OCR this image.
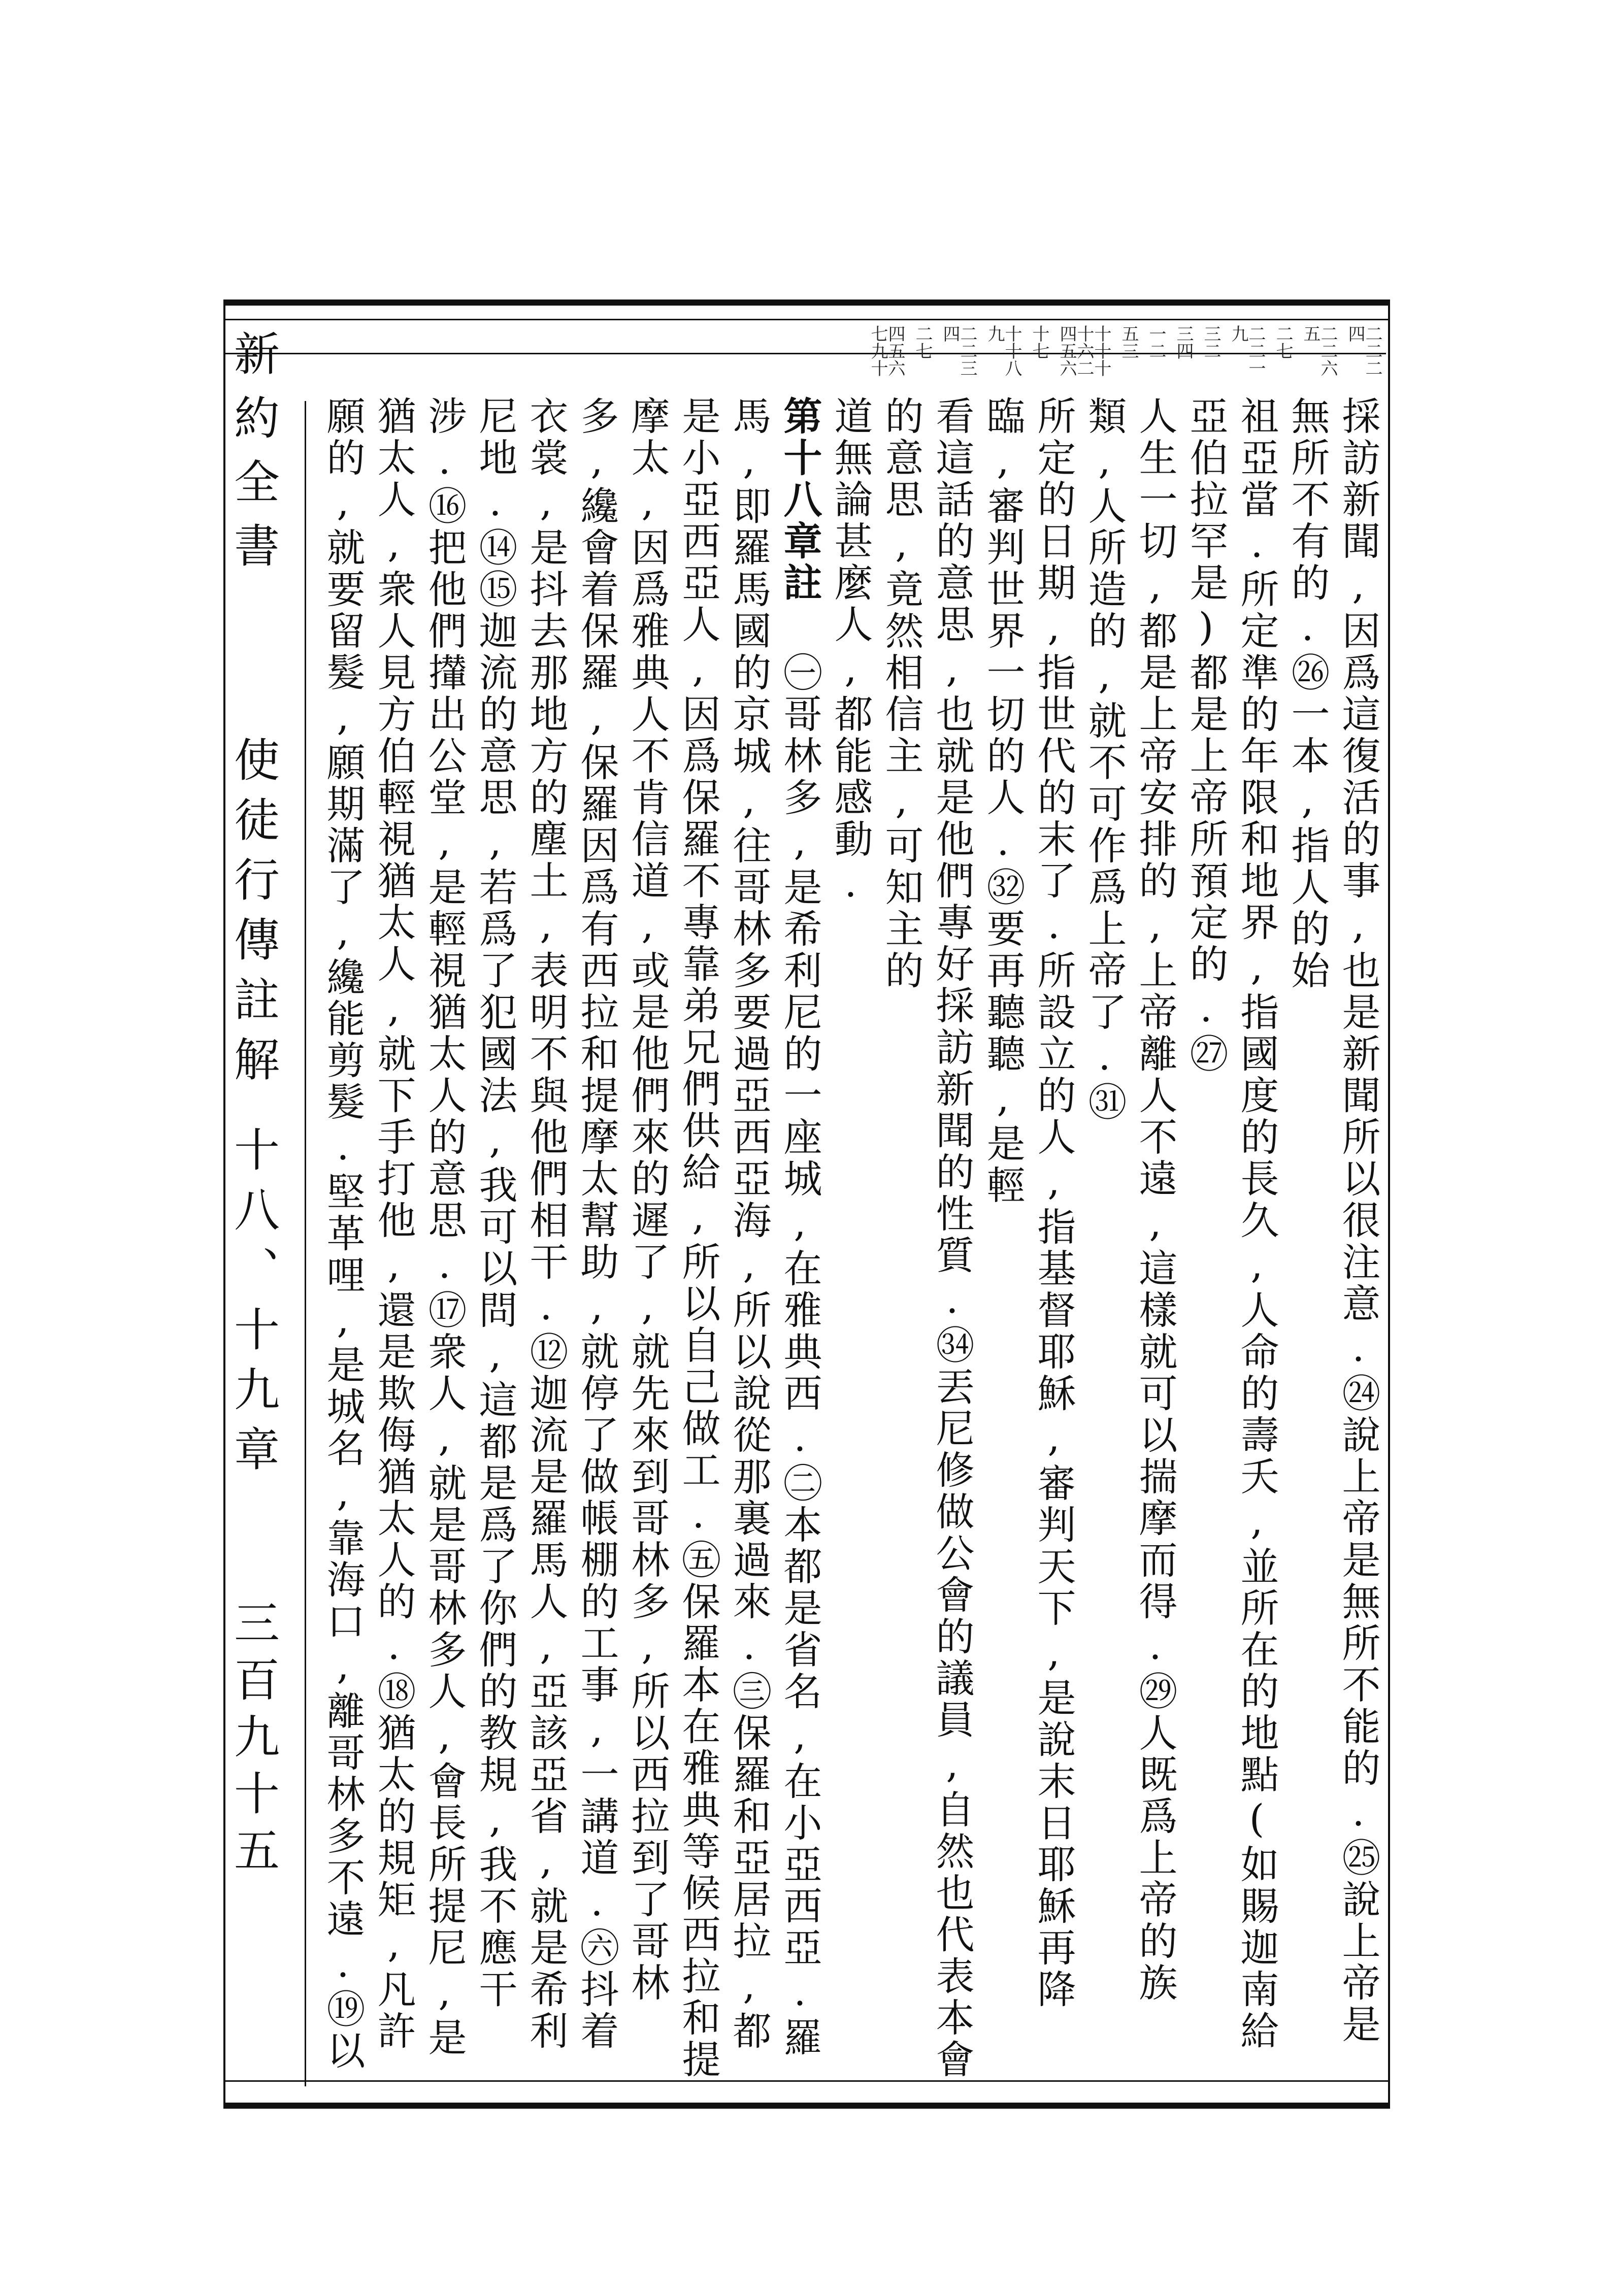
新約全書
使徒行傳註解十八、十九章
三百九十五
二二二四
二二六五
二七
二二一九
三二
三四
一二
五三
十十十十六二四五六
十七
十十八九
二二三四
二七
四五六七九十

採訪新聞,因爲這復活的事,也是新聞所以很注意.㉔說上帝是無所不能的.㉕說上帝是無所不有的.㉖一本,指人的始

祖亞當.所定準的年限和地界,指國度的長久,人命的壽夭,並所在的地點(如賜迦南給亞伯拉罕是)都是上帝所預定的.㉗

人生一切,都是上帝安排的,上帝離人不遠,這樣就可以揣摩而得.㉙人既爲上帝的族類,人所造的,就不可作爲上帝了.㉛

所定的日期,指世代的末了.所設立的人,指基督耶穌,審判天下,是說末日耶穌再降臨,審判世界一切的人.㉜要再聽聽,是輕

看這話的意思,也就是他們專好採訪新聞的性質.㉞丟尼修做公會的議員,自然也代表本會的意思,竟然相信主,可知主的

道無論甚麼人,都能感動.

第十八章註 ㊀哥林多,是希利尼的一座城,在雅典西.㊁本都是省名,在小亞西亞.羅馬,即羅馬國的京城,往哥林多要過亞西亞海,所以說從那裏過來.㊂保羅和亞居拉,都是小亞西亞人,因爲保羅不專靠弟兄們供給,所以自己做工.㊄保羅本在雅典等候西拉和提摩太,因爲雅典人不肯信道,或是他們來的遲了,就先來到哥林多,所以西拉到了哥林多,纔會着保羅,保羅因爲有西拉和提摩太幫助,就停了做帳棚的工事,一講道.㊅抖着衣裳,是抖去那地方的塵土,表明不與他們相干.⑫迦流是羅馬人,亞該亞省,就是希利尼地.⑭⑮迦流的意思,若爲了犯國法,我可以問,這都是爲了你們的教規,我不應干涉.⑯把他們攆出公堂,是輕視猶太人的意思.⑰衆人,就是哥林多人,會長所提尼,是猶太人,衆人見方伯輕視猶太人,就下手打他,還是欺侮猶太人的.⑱猶太的規矩,凡許願的,就要留髮,願期滿了,纔能剪髮.堅革哩,是城名,靠海口,離哥林多不遠.⑲以
